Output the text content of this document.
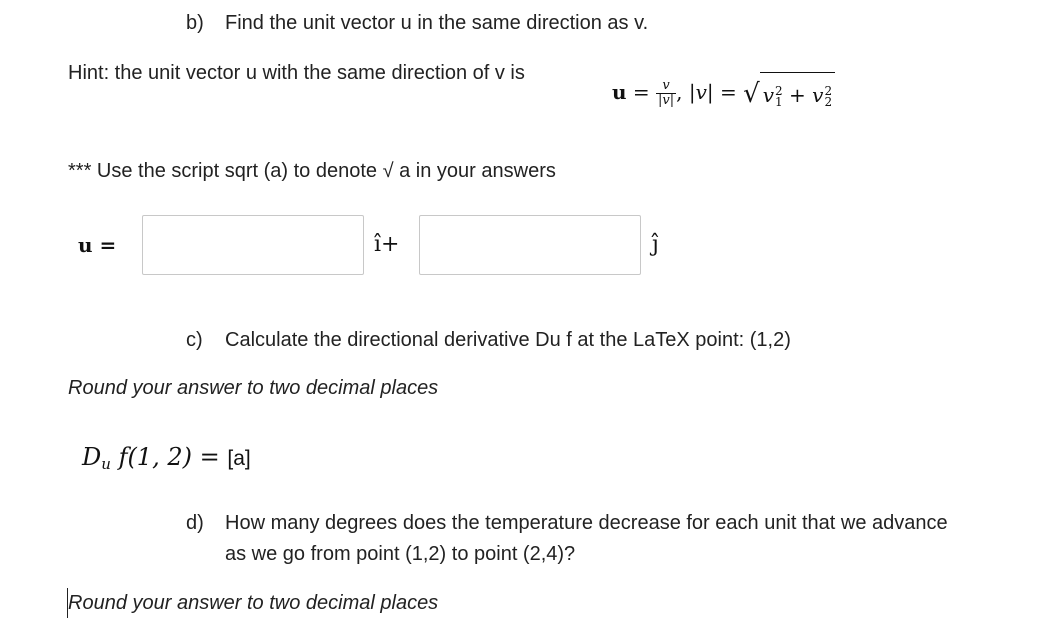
b) Find the unit vector u in the same direction as v.
Hint: the unit vector u with the same direction of v is
$u = \frac{v}{|v|}$ , |v| = √ v 2
1 + v 2
2
*** Use the script sqrt (a) to denote √ a in your answers
u =	î+	ĵ
c) Calculate the directional derivative Du f at the LaTeX point: (1,2)
Round your answer to two decimal places
Du f(1, 2) = [a]
d) How many degrees does the temperature decrease for each unit that we advance
as we go from point (1,2) to point (2,4)?
Round your answer to two decimal places
